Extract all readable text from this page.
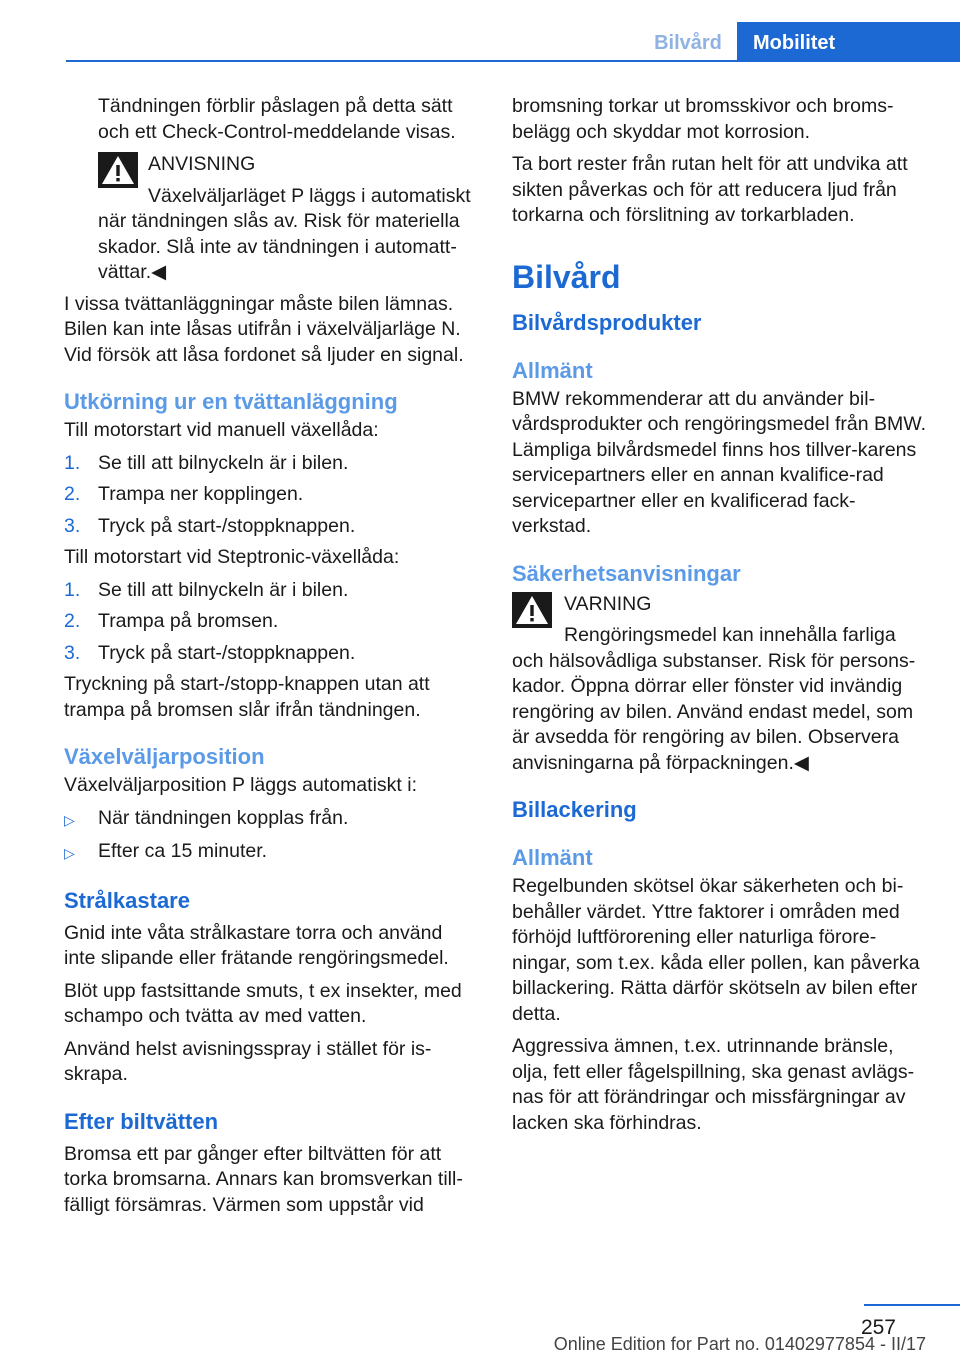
Bilvård	Mobilitet

Tändningen förblir påslagen på detta sätt och ett Check-Control-meddelande visas.

ANVISNING

Växelväljarläget P läggs i automatiskt

när tändningen slås av. Risk för materiella skador. Slå inte av tändningen i automatt-vättar.◀

I vissa tvättanläggningar måste bilen lämnas. Bilen kan inte låsas utifrån i växelväljarläge N. Vid försök att låsa fordonet så ljuder en signal.

Utkörning ur en tvättanläggning

Till motorstart vid manuell växellåda:

1. Se till att bilnyckeln är i bilen.
2. Trampa ner kopplingen.
3. Tryck på start-/stoppknappen.

Till motorstart vid Steptronic-växellåda:

1. Se till att bilnyckeln är i bilen.
2. Trampa på bromsen.
3. Tryck på start-/stoppknappen.

Tryckning på start-/stopp-knappen utan att trampa på bromsen slår ifrån tändningen.

Växelväljarposition

Växelväljarposition P läggs automatiskt i:

▷	När tändningen kopplas från.
▷	Efter ca 15 minuter.
Strålkastare

Gnid inte våta strålkastare torra och använd inte slipande eller frätande rengöringsmedel.

Blöt upp fastsittande smuts, t ex insekter, med schampo och tvätta av med vatten.

Använd helst avisningsspray i stället för is-skrapa.

Efter biltvätten

Bromsa ett par gånger efter biltvätten för att torka bromsarna. Annars kan bromsverkan till-fälligt försämras. Värmen som uppstår vid

bromsning torkar ut bromsskivor och broms-belägg och skyddar mot korrosion.

Ta bort rester från rutan helt för att undvika att sikten påverkas och för att reducera ljud från torkarna och förslitning av torkarbladen.

Bilvård
Bilvårdsprodukter
Allmänt

BMW rekommenderar att du använder bil-vårdsprodukter och rengöringsmedel från BMW. Lämpliga bilvårdsmedel finns hos tillver-karens servicepartners eller en annan kvalifice-rad servicepartner eller en kvalificerad fack-verkstad.

Säkerhetsanvisningar
VARNING

Rengöringsmedel kan innehålla farliga

och hälsovådliga substanser. Risk för persons-kador. Öppna dörrar eller fönster vid invändig rengöring av bilen. Använd endast medel, som är avsedda för rengöring av bilen. Observera anvisningarna på förpackningen.◀

Billackering
Allmänt

Regelbunden skötsel ökar säkerheten och bi-behåller värdet. Yttre faktorer i områden med förhöjd luftförorening eller naturliga förore-ningar, som t.ex. kåda eller pollen, kan påverka billackering. Rätta därför skötseln av bilen efter detta.

Aggressiva ämnen, t.ex. utrinnande bränsle, olja, fett eller fågelspillning, ska genast avlägs-nas för att förändringar och missfärgningar av lacken ska förhindras.

257
Online Edition for Part no. 01402977854 - II/17
